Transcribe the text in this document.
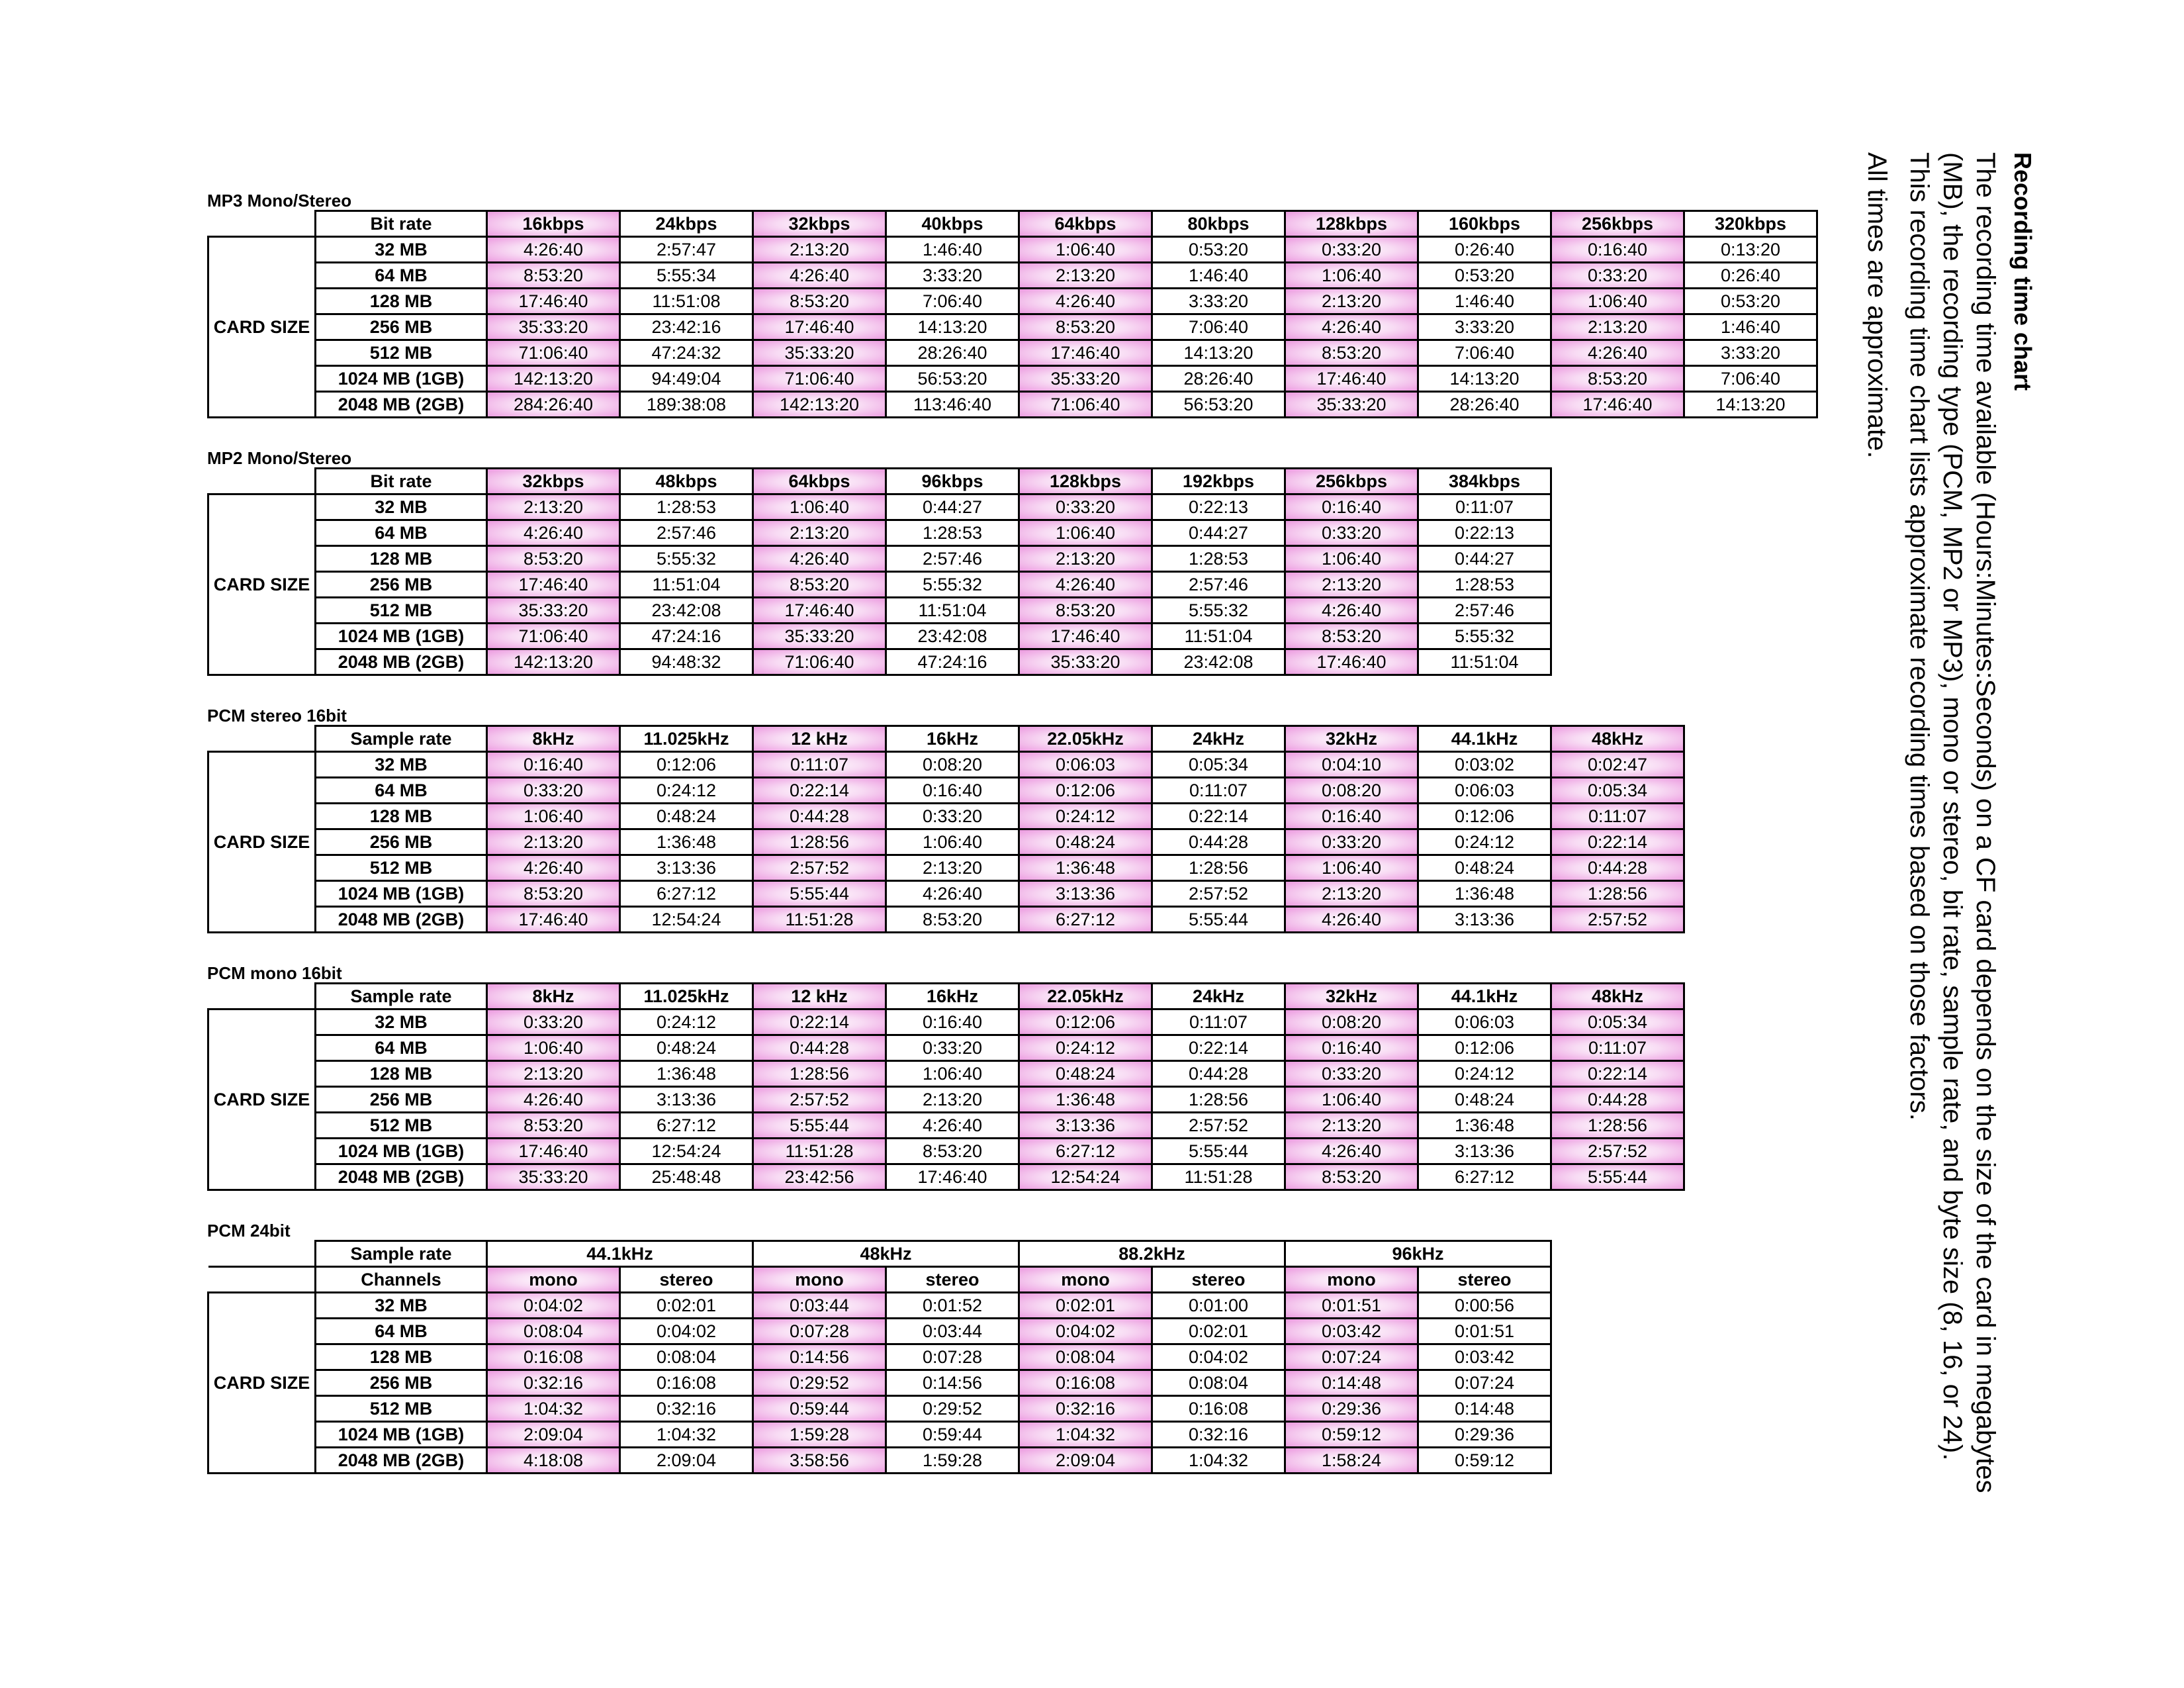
Recording time chart
The recording time available (Hours:Minutes:Seconds) on a CF card depends on the size of the card in megabytes
(MB), the recording type (PCM, MP2 or MP3), mono or stereo, bit rate, sample rate, and byte size (8, 16, or 24).
This recording time chart lists approximate recording times based on those factors.
All times are approximate.
MP3 Mono/Stereo
	Bit rate	16kbps	24kbps	32kbps	40kbps	64kbps	80kbps	128kbps	160kbps	256kbps	320kbps
CARD SIZE	32 MB	4:26:40	2:57:47	2:13:20	1:46:40	1:06:40	0:53:20	0:33:20	0:26:40	0:16:40	0:13:20
	64 MB	8:53:20	5:55:34	4:26:40	3:33:20	2:13:20	1:46:40	1:06:40	0:53:20	0:33:20	0:26:40
	128 MB	17:46:40	11:51:08	8:53:20	7:06:40	4:26:40	3:33:20	2:13:20	1:46:40	1:06:40	0:53:20
	256 MB	35:33:20	23:42:16	17:46:40	14:13:20	8:53:20	7:06:40	4:26:40	3:33:20	2:13:20	1:46:40
	512 MB	71:06:40	47:24:32	35:33:20	28:26:40	17:46:40	14:13:20	8:53:20	7:06:40	4:26:40	3:33:20
	1024 MB (1GB)	142:13:20	94:49:04	71:06:40	56:53:20	35:33:20	28:26:40	17:46:40	14:13:20	8:53:20	7:06:40
	2048 MB (2GB)	284:26:40	189:38:08	142:13:20	113:46:40	71:06:40	56:53:20	35:33:20	28:26:40	17:46:40	14:13:20
MP2 Mono/Stereo
	Bit rate	32kbps	48kbps	64kbps	96kbps	128kbps	192kbps	256kbps	384kbps
CARD SIZE	32 MB	2:13:20	1:28:53	1:06:40	0:44:27	0:33:20	0:22:13	0:16:40	0:11:07
	64 MB	4:26:40	2:57:46	2:13:20	1:28:53	1:06:40	0:44:27	0:33:20	0:22:13
	128 MB	8:53:20	5:55:32	4:26:40	2:57:46	2:13:20	1:28:53	1:06:40	0:44:27
	256 MB	17:46:40	11:51:04	8:53:20	5:55:32	4:26:40	2:57:46	2:13:20	1:28:53
	512 MB	35:33:20	23:42:08	17:46:40	11:51:04	8:53:20	5:55:32	4:26:40	2:57:46
	1024 MB (1GB)	71:06:40	47:24:16	35:33:20	23:42:08	17:46:40	11:51:04	8:53:20	5:55:32
	2048 MB (2GB)	142:13:20	94:48:32	71:06:40	47:24:16	35:33:20	23:42:08	17:46:40	11:51:04
PCM stereo 16bit
	Sample rate	8kHz	11.025kHz	12 kHz	16kHz	22.05kHz	24kHz	32kHz	44.1kHz	48kHz
CARD SIZE	32 MB	0:16:40	0:12:06	0:11:07	0:08:20	0:06:03	0:05:34	0:04:10	0:03:02	0:02:47
	64 MB	0:33:20	0:24:12	0:22:14	0:16:40	0:12:06	0:11:07	0:08:20	0:06:03	0:05:34
	128 MB	1:06:40	0:48:24	0:44:28	0:33:20	0:24:12	0:22:14	0:16:40	0:12:06	0:11:07
	256 MB	2:13:20	1:36:48	1:28:56	1:06:40	0:48:24	0:44:28	0:33:20	0:24:12	0:22:14
	512 MB	4:26:40	3:13:36	2:57:52	2:13:20	1:36:48	1:28:56	1:06:40	0:48:24	0:44:28
	1024 MB (1GB)	8:53:20	6:27:12	5:55:44	4:26:40	3:13:36	2:57:52	2:13:20	1:36:48	1:28:56
	2048 MB (2GB)	17:46:40	12:54:24	11:51:28	8:53:20	6:27:12	5:55:44	4:26:40	3:13:36	2:57:52
PCM mono 16bit
	Sample rate	8kHz	11.025kHz	12 kHz	16kHz	22.05kHz	24kHz	32kHz	44.1kHz	48kHz
CARD SIZE	32 MB	0:33:20	0:24:12	0:22:14	0:16:40	0:12:06	0:11:07	0:08:20	0:06:03	0:05:34
	64 MB	1:06:40	0:48:24	0:44:28	0:33:20	0:24:12	0:22:14	0:16:40	0:12:06	0:11:07
	128 MB	2:13:20	1:36:48	1:28:56	1:06:40	0:48:24	0:44:28	0:33:20	0:24:12	0:22:14
	256 MB	4:26:40	3:13:36	2:57:52	2:13:20	1:36:48	1:28:56	1:06:40	0:48:24	0:44:28
	512 MB	8:53:20	6:27:12	5:55:44	4:26:40	3:13:36	2:57:52	2:13:20	1:36:48	1:28:56
	1024 MB (1GB)	17:46:40	12:54:24	11:51:28	8:53:20	6:27:12	5:55:44	4:26:40	3:13:36	2:57:52
	2048 MB (2GB)	35:33:20	25:48:48	23:42:56	17:46:40	12:54:24	11:51:28	8:53:20	6:27:12	5:55:44
PCM 24bit
	Sample rate	44.1kHz		48kHz		88.2kHz		96kHz	
	Channels	mono	stereo	mono	stereo	mono	stereo	mono	stereo
CARD SIZE	32 MB	0:04:02	0:02:01	0:03:44	0:01:52	0:02:01	0:01:00	0:01:51	0:00:56
	64 MB	0:08:04	0:04:02	0:07:28	0:03:44	0:04:02	0:02:01	0:03:42	0:01:51
	128 MB	0:16:08	0:08:04	0:14:56	0:07:28	0:08:04	0:04:02	0:07:24	0:03:42
	256 MB	0:32:16	0:16:08	0:29:52	0:14:56	0:16:08	0:08:04	0:14:48	0:07:24
	512 MB	1:04:32	0:32:16	0:59:44	0:29:52	0:32:16	0:16:08	0:29:36	0:14:48
	1024 MB (1GB)	2:09:04	1:04:32	1:59:28	0:59:44	1:04:32	0:32:16	0:59:12	0:29:36
	2048 MB (2GB)	4:18:08	2:09:04	3:58:56	1:59:28	2:09:04	1:04:32	1:58:24	0:59:12
